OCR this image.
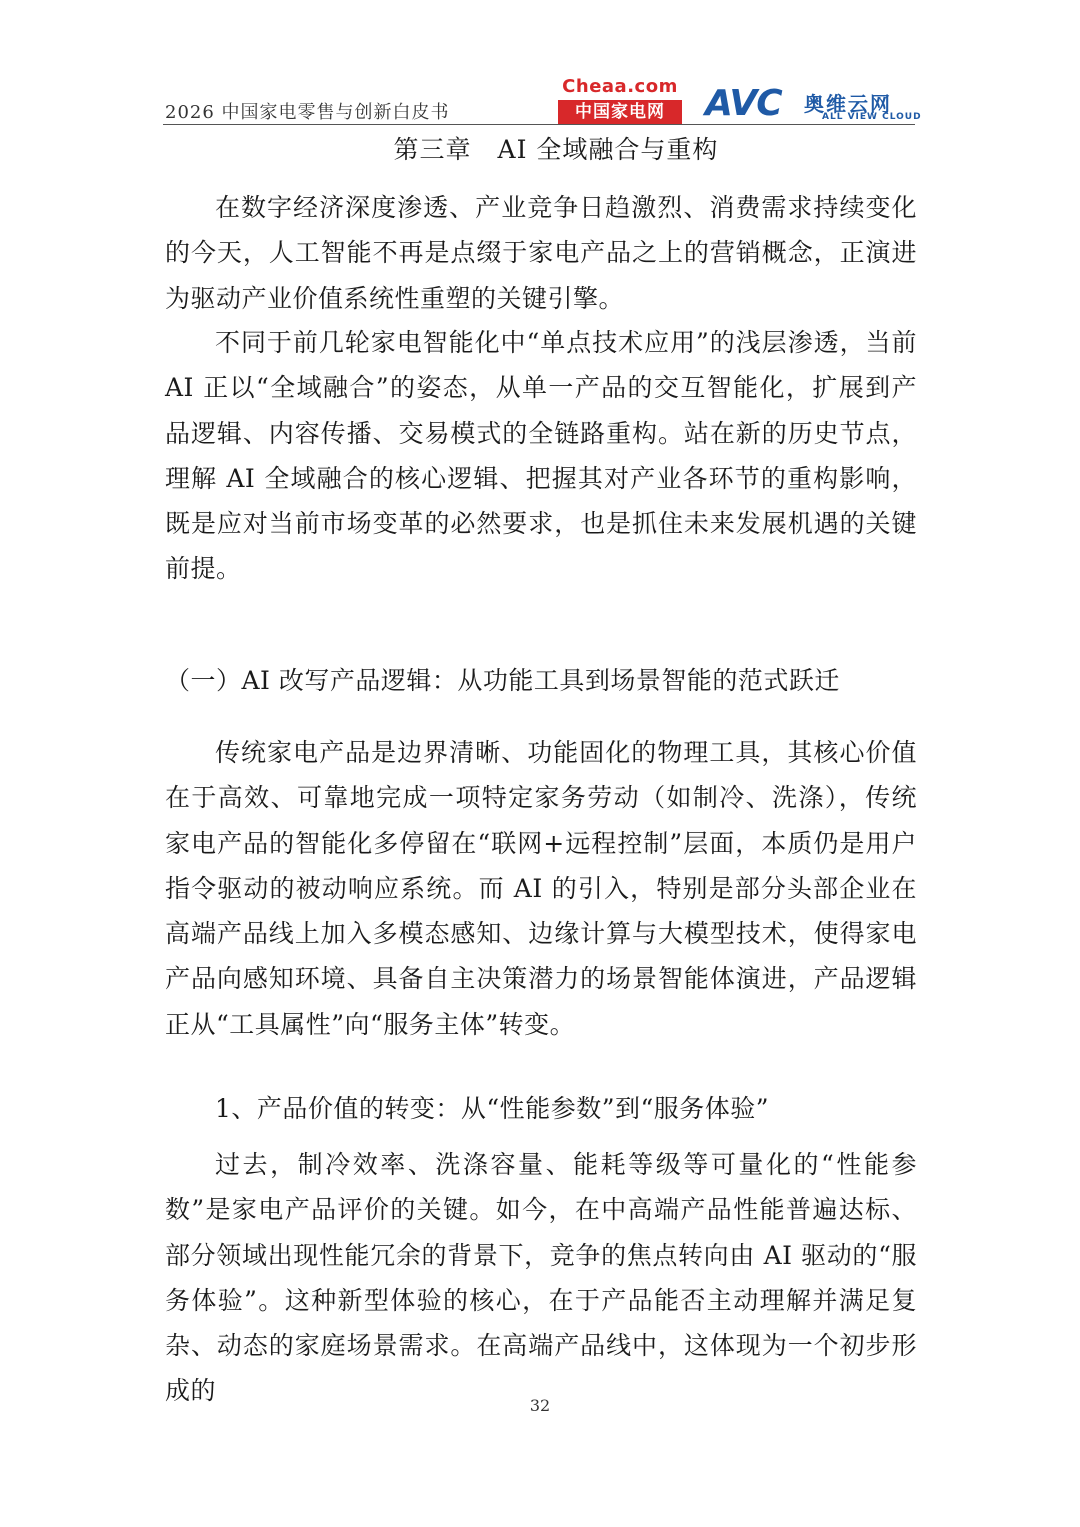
2026 中国家电零售与创新白皮书
Cheaa.com
中国家电网	AVC 奥维云网
ALL VIEW CLOUD
第三章　AI 全域融合与重构

在数字经济深度渗透、产业竞争日趋激烈、消费需求持续变化的今天，人工智能不再是点缀于家电产品之上的营销概念，正演进为驱动产业价值系统性重塑的关键引擎。

不同于前几轮家电智能化中“单点技术应用”的浅层渗透，当前 AI 正以“全域融合”的姿态，从单一产品的交互智能化，扩展到产品逻辑、内容传播、交易模式的全链路重构。站在新的历史节点，理解 AI 全域融合的核心逻辑、把握其对产业各环节的重构影响，既是应对当前市场变革的必然要求，也是抓住未来发展机遇的关键前提。

（一）AI 改写产品逻辑：从功能工具到场景智能的范式跃迁

传统家电产品是边界清晰、功能固化的物理工具，其核心价值在于高效、可靠地完成一项特定家务劳动（如制冷、洗涤），传统家电产品的智能化多停留在“联网+远程控制”层面，本质仍是用户指令驱动的被动响应系统。而 AI 的引入，特别是部分头部企业在高端产品线上加入多模态感知、边缘计算与大模型技术，使得家电产品向感知环境、具备自主决策潜力的场景智能体演进，产品逻辑正从“工具属性”向“服务主体”转变。

1、产品价值的转变：从“性能参数”到“服务体验”

过去，制冷效率、洗涤容量、能耗等级等可量化的“性能参数”是家电产品评价的关键。如今，在中高端产品性能普遍达标、部分领域出现性能冗余的背景下，竞争的焦点转向由 AI 驱动的“服务体验”。这种新型体验的核心，在于产品能否主动理解并满足复杂、动态的家庭场景需求。在高端产品线中，这体现为一个初步形成的

32
